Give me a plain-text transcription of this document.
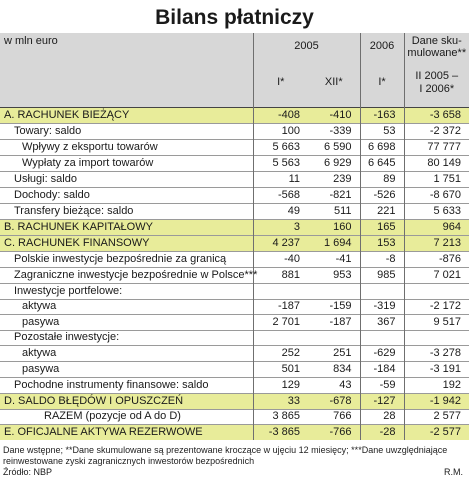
Bilans płatniczy
w mln euro	2005		2006	Dane sku-
mulowane**
	I*	XII*	I*	II 2005 –
I 2006*
A. RACHUNEK BIEŻĄCY	-408	-410	-163	-3 658
Towary: saldo	100	-339	53	-2 372
Wpływy z eksportu towarów	5 663	6 590	6 698	77 777
Wypłaty za import towarów	5 563	6 929	6 645	80 149
Usługi: saldo	11	239	89	1 751
Dochody: saldo	-568	-821	-526	-8 670
Transfery bieżące: saldo	49	511	221	5 633
B. RACHUNEK KAPITAŁOWY	3	160	165	964
C. RACHUNEK FINANSOWY	4 237	1 694	153	7 213
Polskie inwestycje bezpośrednie za granicą	-40	-41	-8	-876
Zagraniczne inwestycje bezpośrednie w Polsce***	881	953	985	7 021
Inwestycje portfelowe:				
aktywa	-187	-159	-319	-2 172
pasywa	2 701	-187	367	9 517
Pozostałe inwestycje:				
aktywa	252	251	-629	-3 278
pasywa	501	834	-184	-3 191
Pochodne instrumenty finansowe: saldo	129	43	-59	192
D. SALDO BŁĘDÓW I OPUSZCZEŃ	33	-678	-127	-1 942
RAZEM (pozycje od A do D)	3 865	766	28	2 577
E. OFICJALNE AKTYWA REZERWOWE	-3 865	-766	-28	-2 577
Dane wstępne; **Dane skumulowane są prezentowane kroczące w ujęciu 12 miesięcy; ***Dane uwzględniające reinwestowane zyski zagranicznych inwestorów bezpośrednich
Źródło: NBP	R.M.
